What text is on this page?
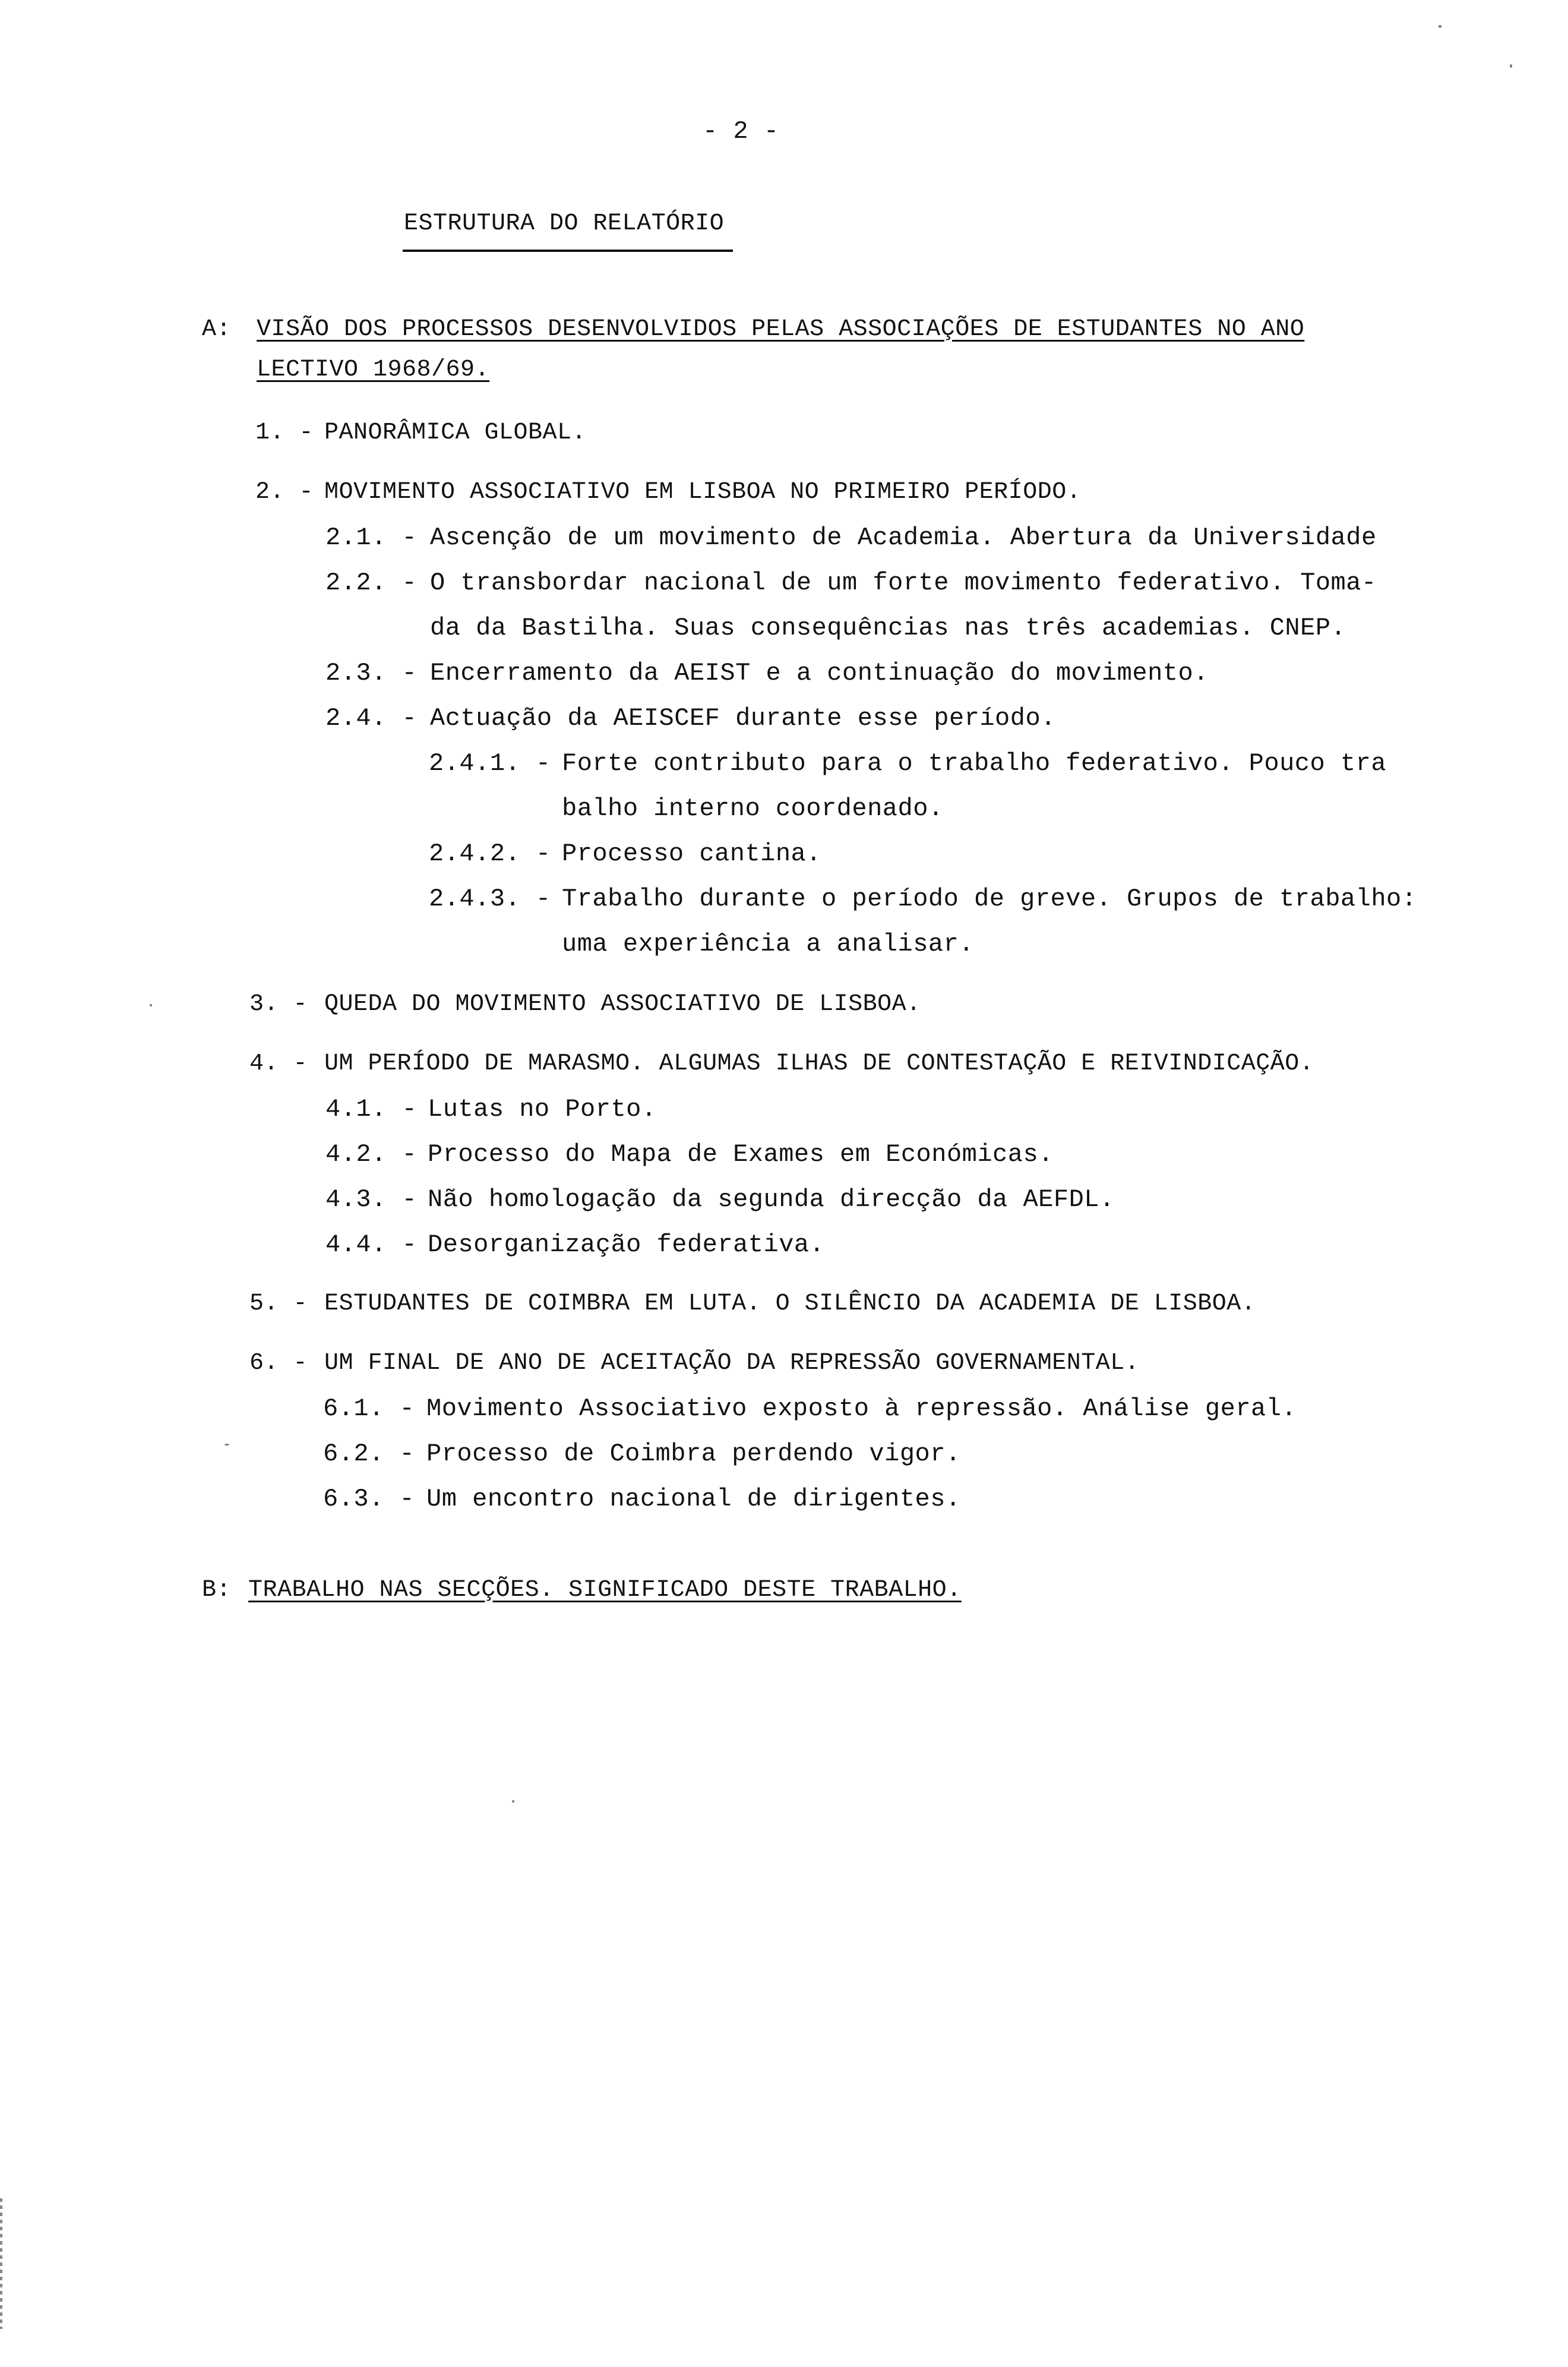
- 2 -
ESTRUTURA DO RELATÓRIO
A: VISÃO DOS PROCESSOS DESENVOLVIDOS PELAS ASSOCIAÇÕES DE ESTUDANTES NO ANO
LECTIVO 1968/69.
1. - PANORÂMICA GLOBAL.
2. - MOVIMENTO ASSOCIATIVO EM LISBOA NO PRIMEIRO PERÍODO.
2.1. - Ascenção de um movimento de Academia. Abertura da Universidade
2.2. - O transbordar nacional de um forte movimento federativo. Toma-
da da Bastilha. Suas consequências nas três academias. CNEP.
2.3. - Encerramento da AEIST e a continuação do movimento.
2.4. - Actuação da AEISCEF durante esse período.
2.4.1. - Forte contributo para o trabalho federativo. Pouco tra
balho interno coordenado.
2.4.2. - Processo cantina.
2.4.3. - Trabalho durante o período de greve. Grupos de trabalho:
uma experiência a analisar.
3. - QUEDA DO MOVIMENTO ASSOCIATIVO DE LISBOA.
4. - UM PERÍODO DE MARASMO. ALGUMAS ILHAS DE CONTESTAÇÃO E REIVINDICAÇÃO.
4.1. - Lutas no Porto.
4.2. - Processo do Mapa de Exames em Económicas.
4.3. - Não homologação da segunda direcção da AEFDL.
4.4. - Desorganização federativa.
5. - ESTUDANTES DE COIMBRA EM LUTA. O SILÊNCIO DA ACADEMIA DE LISBOA.
6. - UM FINAL DE ANO DE ACEITAÇÃO DA REPRESSÃO GOVERNAMENTAL.
6.1. - Movimento Associativo exposto à repressão. Análise geral.
6.2. - Processo de Coimbra perdendo vigor.
6.3. - Um encontro nacional de dirigentes.
B: TRABALHO NAS SECÇÕES. SIGNIFICADO DESTE TRABALHO.
